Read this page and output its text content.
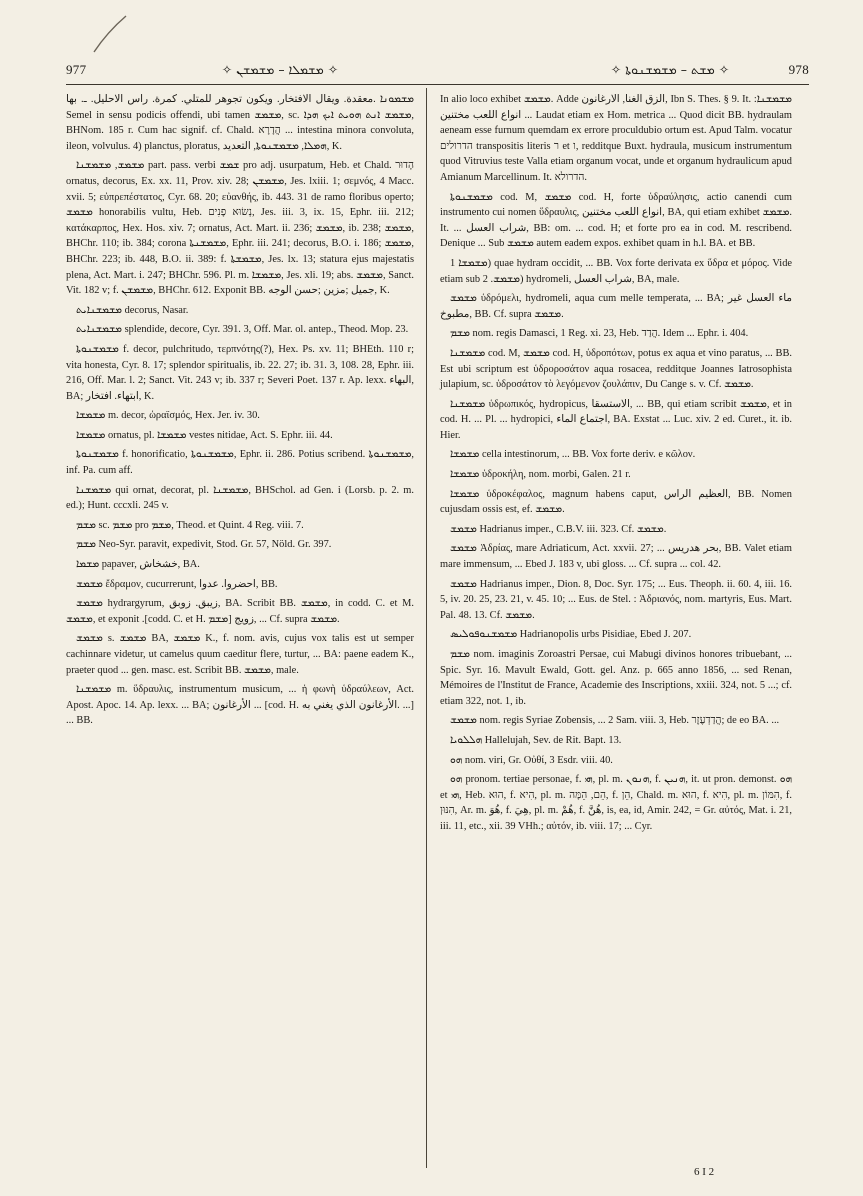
977	✧ ܡܫܡܠܐ – ܡܫܡܫܢ ✧	✧ ܡܫܬ – ܡܫܡܫܢܘܬܐ ✧	978

ܡܫܡܘܢܐ .معقدة. ويقال الافتخار. ويكون تجوهر للمتلي. كمرة. راس الاحليل. ـ. بها Semel in sensu podicis offendi, ubi tamen ܡܫܡܫ, sc. ܡܫܡܫ ܐܢܬ ܗܘܝܬ ܐܝܟ ܗܕܐ, BHNom. 185 r. Cum hac signif. cf. Chald. הֲדָרָא ... intestina minora convoluta, ileon, volvulus. 4) planctus, ploratus, ܗܡܠܐ, ܡܫܡܫܢܘܬܐ, التعديد, K.

ܡܫܡܫ, ܡܫܡܫܢܐ part. pass. verbi ܫܡܫ pro adj. usurpatum, Heb. et Chald. הָדוּר ornatus, decorus, Ex. xx. 11, Prov. xiv. 28; ܡܫܡܫܢ, Jes. lxiii. 1; σεμνός, 4 Macc. xvii. 5; εὐπρεπέστατος, Cyr. 68. 20; εὐανθής, ib. 443. 31 de ramo floribus operto; ܡܫܡܫ honorabilis vultu, Heb. נְשׂוּא פָנִים, Jes. iii. 3, ix. 15, Ephr. iii. 212; κατάκαρπος, Hex. Hos. xiv. 7; ornatus, Act. Mart. ii. 236; ܡܫܡܫ, ib. 238; ܡܫܡܫ, BHChr. 110; ib. 384; corona ܡܫܡܫܢܬܐ, Ephr. iii. 241; decorus, B.O. i. 186; ܡܫܡܫ, BHChr. 223; ib. 448, B.O. ii. 389: f. ܡܫܡܫܬܐ, Jes. lx. 13; statura ejus majestatis plena, Act. Mart. i. 247; BHChr. 596. Pl. m. ܡܫܡܫܐ, Jes. xli. 19; abs. ܡܫܡܫ, Sanct. Vit. 182 v; f. ܡܫܡܫܢ, BHChr. 612. Exponit BB. جميل ;مزين ;حسن الوجه, K.

ܡܫܡܫܢܐܝܬ decorus, Nasar.

ܡܫܡܫܢܐܝܬ splendide, decore, Cyr. 391. 3, Off. Mar. ol. antep., Theod. Mop. 23.

ܡܫܡܫܢܘܬܐ f. decor, pulchritudo, τερπνότης(?), Hex. Ps. xv. 11; BHEth. 110 r; vita honesta, Cyr. 8. 17; splendor spiritualis, ib. 22. 27; ib. 31. 3, 108. 28, Ephr. iii. 216, Off. Mar. l. 2; Sanct. Vit. 243 v; ib. 337 r; Severi Poet. 137 r. Ap. lexx. البهاء, BA; ابتهاء. افتخار, K.

ܡܫܡܫܐ m. decor, ὡραϊσμός, Hex. Jer. iv. 30.

ܡܫܡܫܐ ornatus, pl. ܡܫܡܫܐ vestes nitidae, Act. S. Ephr. iii. 44.

ܡܫܡܫܢܘܬܐ f. honorificatio, ܡܫܡܫܢܘܬܐ, Ephr. ii. 286. Potius scribend. ܡܫܡܫܢܘܬܐ, inf. Pa. cum aff.

ܡܫܡܫܢܐ qui ornat, decorat, pl. ܡܫܡܫܢܐ, BHSchol. ad Gen. i (Lorsb. p. 2. m. ed.); Hunt. cccxli. 245 v.

ܡܫܡ sc. ܡܫܡ pro ܡܫܡ, Theod. et Quint. 4 Reg. viii. 7.

ܡܫܡ Neo-Syr. paravit, expedivit, Stod. Gr. 57, Nöld. Gr. 397.

ܡܫܡܐ papaver, خشخاش, BA.

ܡܫܡܫ ἔδραμον, cucurrerunt, احضروا. عدوا, BB.

ܡܫܡܫ hydrargyrum, زيبق. زوبق, BA. Scribit BB. ܡܫܡܫ, in codd. C. et M. ܡܫܡܫ, et exponit .[codd. C. et H. ܡܫܡ] زويج, ... Cf. supra ܡܫܡܫ.

ܡܫܡܫ s. ܡܫܡܫ BA, ܡܫܡܫ K., f. nom. avis, cujus vox talis est ut semper cachinnare videtur, ut camelus quum caeditur flere, turtur, ... BA: paene eadem K., praeter quod ... gen. masc. est. Scribit BB. ܡܫܡܫ, male.

ܡܫܡܫܢܐ m. ὕδραυλις, instrumentum musicum, ... ἡ φωνὴ ὑδραύλεων, Act. Apost. Apoc. 14. Ap. lexx. ... BA; الأرغانون ... [cod. H. الأرغانون الذي يغني به. ...] ... BB.

In alio loco exhibet ܡܫܡܫ. Adde الزق الغنا, الارغانون, Ibn S. Thes. § 9. It. ܡܫܡܫܢܐ: انواع اللعب مختنين ... Laudat etiam ex Hom. metrica ... Quod dicit BB. hydraulam aeneam esse furnum quemdam ex errore proculdubio ortum est. Apud Talm. vocatur הדרולים transpositis literis ר et ו, redditque Buxt. hydraula, musicum instrumentum quod Vitruvius teste Valla etiam organum vocat, unde et organum hydraulicum apud Amianum Marcellinum. It. הדרולא.

ܡܫܡܫܢܘܬܐ cod. M, ܡܫܡܫ cod. H, forte ὑδραύλησις, actio canendi cum instrumento cui nomen ὕδραυλις, انواع اللعب مختنين, BA, qui etiam exhibet ܡܫܡܫ. It. ... شراب العسل, BB: om. ... cod. H; et forte pro ea in cod. M. rescribend. Denique ... Sub ܡܫܡܫ autem eadem expos. exhibet quam in h.l. BA. et BB.

ܡܫܡܫܐ 1) quae hydram occidit, ... BB. Vox forte derivata ex ὕδρα et μόρος. Vide etiam sub ܡܫܡܫ. 2) hydromeli, شراب العسل, BA, male.

ܡܫܡܫ ὑδρόμελι, hydromeli, aqua cum melle temperata, ... BA; ماء العسل غير مطبوخ, BB. Cf. supra ܡܫܡܫ.

ܡܫܡ nom. regis Damasci, 1 Reg. xi. 23, Heb. הֲדַד. Idem ... Ephr. i. 404.

ܡܫܡܫܢܐ cod. M, ܡܫܡܫ cod. H, ὑδροπότων, potus ex aqua et vino paratus, ... BB. Est ubi scriptum est ὑδροροσάτον aqua rosacea, redditque Joannes Iatrosophista julapium, sc. ὑδροσάτον τὸ λεγόμενον ζουλάπιν, Du Cange s. v. Cf. ܡܫܡܫ.

ܡܫܡܫܢܐ ὑδρωπικός, hydropicus, الاستسقا, ... BB, qui etiam scribit ܡܫܡܫ, et in cod. H. ... Pl. ... hydropici, اجتماع الماء, BA. Exstat ... Luc. xiv. 2 ed. Curet., it. ib. Hier.

ܡܫܡܫܐ cella intestinorum, ... BB. Vox forte deriv. e κῶλον.

ܡܫܡܫܐ ὑδροκήλη, nom. morbi, Galen. 21 r.

ܡܫܡܫܐ ὑδροκέφαλος, magnum habens caput, العظيم الراس, BB. Nomen cujusdam ossis est, ef. ܡܫܡܫ.

ܡܫܡܫ Hadrianus imper., C.B.V. iii. 323. Cf. ܡܫܡܫ.

ܡܫܡܫ Ἀδρίας, mare Adriaticum, Act. xxvii. 27; ... بحر هدريس, BB. Valet etiam mare immensum, ... Ebed J. 183 v, ubi gloss. ... Cf. supra ... col. 42.

ܡܫܡܫ Hadrianus imper., Dion. 8, Doc. Syr. 175; ... Eus. Theoph. ii. 60. 4, iii. 16. 5, iv. 20. 25, 23. 21, v. 45. 10; ... Eus. de Stel. : Ἀδριανός, nom. martyris, Eus. Mart. Pal. 48. 13. Cf. ܡܫܡܫ.

ܡܫܡܫܢܘܦܘܠܝܣ Hadrianopolis urbs Pisidiae, Ebed J. 207.

ܡܫܡ nom. imaginis Zoroastri Persae, cui Mabugi divinos honores tribuebant, ... Spic. Syr. 16. Mavult Ewald, Gott. gel. Anz. p. 665 anno 1856, ... sed Renan, Mémoires de l'Institut de France, Academie des Inscriptions, xxiii. 324, not. 5 ...; cf. etiam 322, not. 1, ib.

ܡܫܡܫ nom. regis Syriae Zobensis, ... 2 Sam. viii. 3, Heb. הֲדַדְעֶזֶר; de eo BA. ...

ܗܠܠܘܝܐ Hallelujah, Sev. de Rit. Bapt. 13.

ܗܘ nom. viri, Gr. Οὐθί, 3 Esdr. viii. 40.

ܗܘ pronom. tertiae personae, f. ܗܝ, pl. m. ܗܢܘܢ, f. ܗܢܝܢ, it. ut pron. demonst. ܗܘ et ܗܝ, Heb. הוּא, f. הִיא, pl. m. הֵם, הֵמָּה, f. הֵן, Chald. m. הוּא, f. הִיא, pl. m. הִמּוֹן, f. הִנּוּן, Ar. m. هُوَ, f. هِيَ, pl. m. هُمْ, f. هُنَّ, is, ea, id, Amir. 242, = Gr. αὐτός, Mat. i. 21, iii. 11, etc., xii. 39 VHh.; αὐτόν, ib. viii. 17; ... Cyr.

6 I 2
